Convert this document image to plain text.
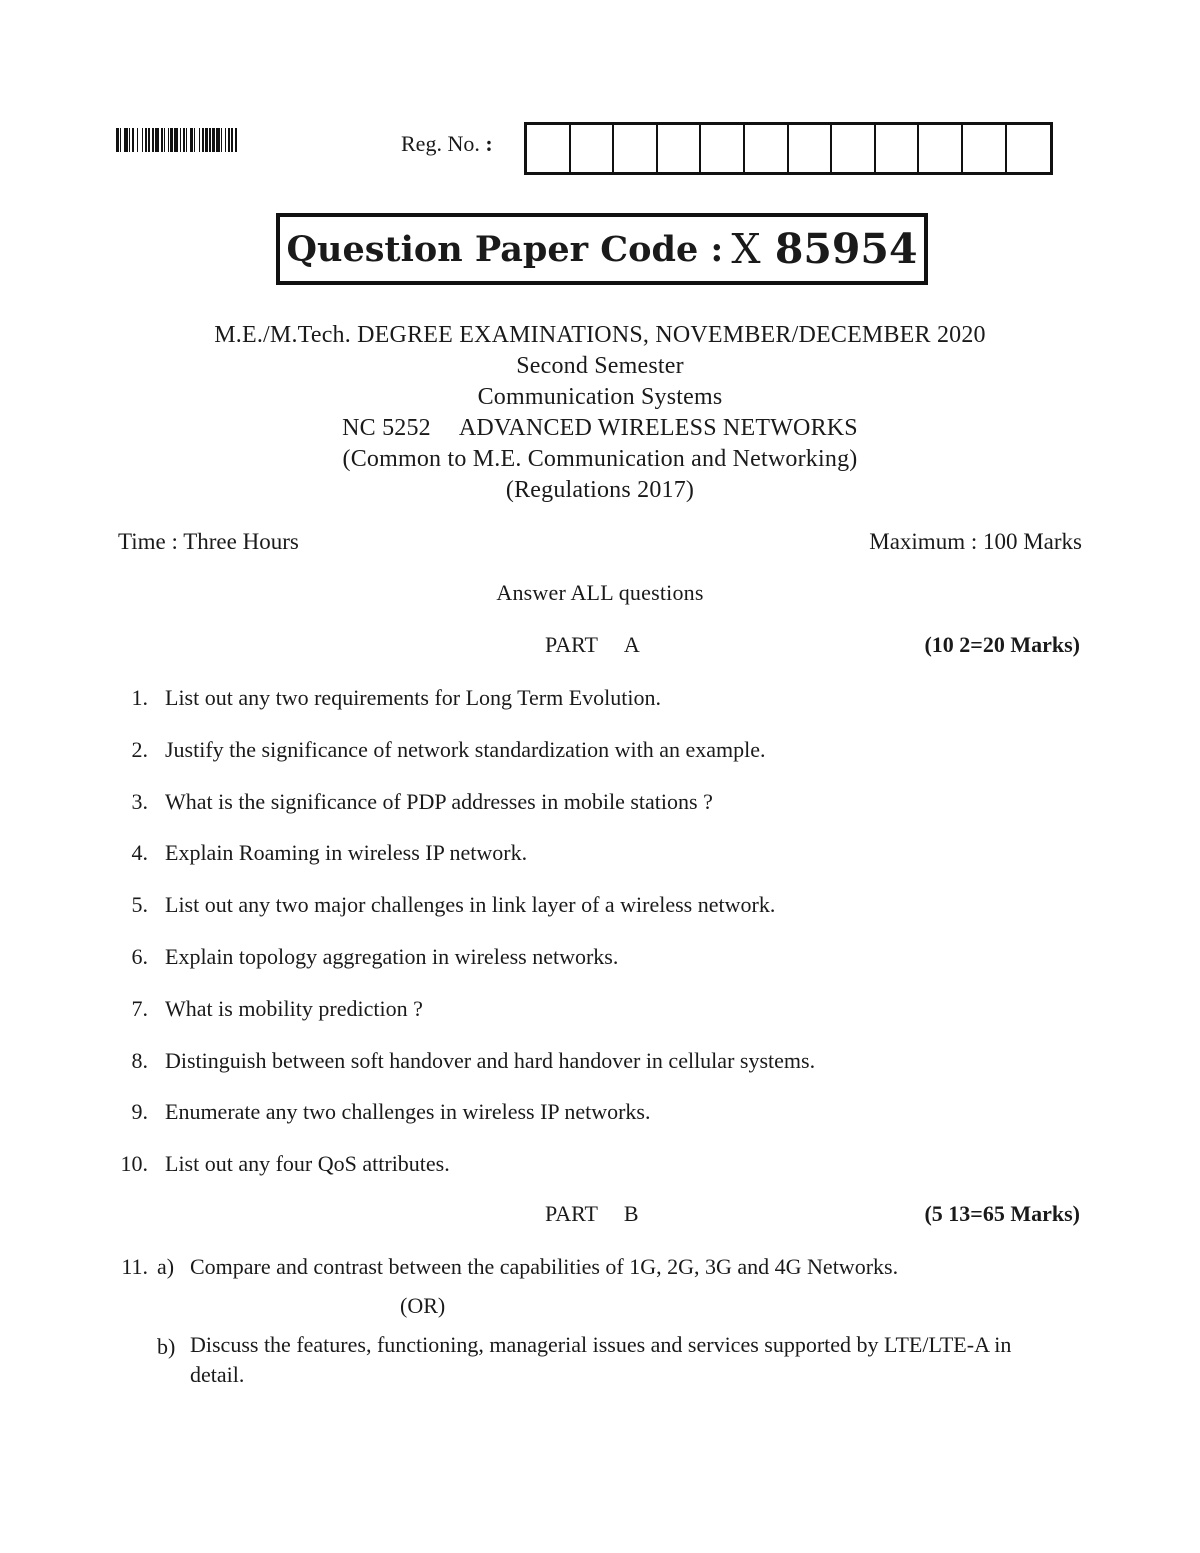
Reg. No. :
Question Paper Code : X 85954
M.E./M.Tech. DEGREE EXAMINATIONS, NOVEMBER/DECEMBER 2020
Second Semester
Communication Systems
NC 5252 ADVANCED WIRELESS NETWORKS
(Common to M.E. Communication and Networking)
(Regulations 2017)
Time : Three Hours	Maximum : 100 Marks
Answer ALL questions
PART A	(10 2=20 Marks)
1. List out any two requirements for Long Term Evolution.
2. Justify the significance of network standardization with an example.
3. What is the significance of PDP addresses in mobile stations ?
4. Explain Roaming in wireless IP network.
5. List out any two major challenges in link layer of a wireless network.
6. Explain topology aggregation in wireless networks.
7. What is mobility prediction ?
8. Distinguish between soft handover and hard handover in cellular systems.
9. Enumerate any two challenges in wireless IP networks.
10. List out any four QoS attributes.
PART B	(5 13=65 Marks)
11. a) Compare and contrast between the capabilities of 1G, 2G, 3G and 4G Networks.
(OR)
b) Discuss the features, functioning, managerial issues and services supported by LTE/LTE-A in detail.
